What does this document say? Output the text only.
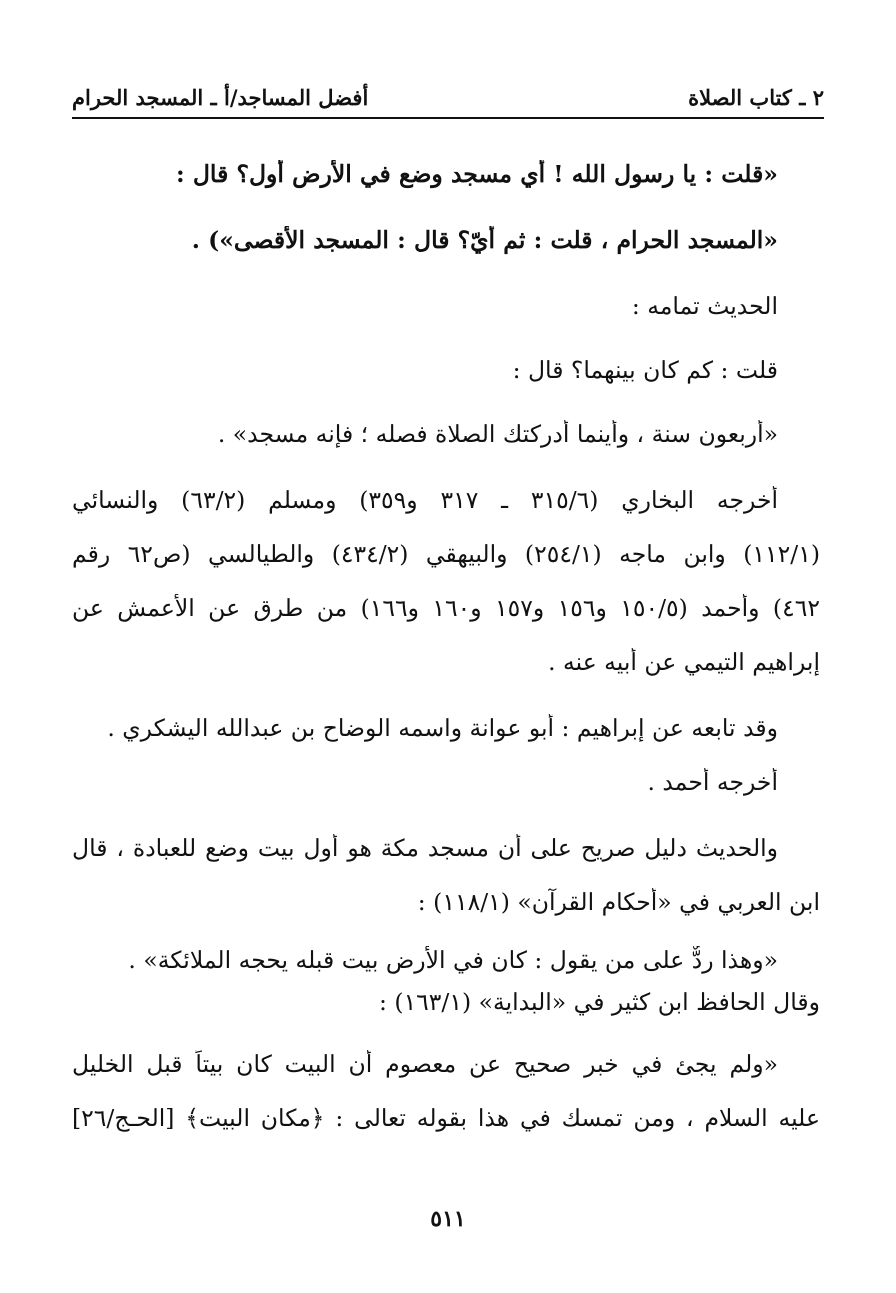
٢ ـ كتاب الصلاة
أفضل المساجد/أ ـ المسجد الحرام
«قلت : يا رسول الله ! أي مسجد وضع في الأرض أول؟ قال :
«المسجد الحرام ، قلت : ثم أيّ؟ قال : المسجد الأقصى») .
الحديث تمامه :
قلت : كم كان بينهما؟ قال :
«أربعون سنة ، وأينما أدركتك الصلاة فصله ؛ فإنه مسجد» .
أخرجه البخاري (٣١٥/٦ ـ ٣١٧ و٣٥٩) ومسلم (٦٣/٢) والنسائي
(١١٢/١) وابن ماجه (٢٥٤/١) والبيهقي (٤٣٤/٢) والطيالسي (ص٦٢ رقم
٤٦٢) وأحمد (١٥٠/٥ و١٥٦ و١٥٧ و١٦٠ و١٦٦) من طرق عن الأعمش عن
إبراهيم التيمي عن أبيه عنه .
وقد تابعه عن إبراهيم : أبو عوانة واسمه الوضاح بن عبدالله اليشكري .
أخرجه أحمد .
والحديث دليل صريح على أن مسجد مكة هو أول بيت وضع للعبادة ، قال
ابن العربي في «أحكام القرآن» (١١٨/١) :
«وهذا ردٌّ على من يقول : كان في الأرض بيت قبله يحجه الملائكة» .
وقال الحافظ ابن كثير في «البداية» (١٦٣/١) :
«ولم يجئ في خبر صحيح عن معصوم أن البيت كان بيتاً قبل الخليل
عليه السلام ، ومن تمسك في هذا بقوله تعالى : ﴿مكان البيت﴾ [الحـج/٢٦]
٥١١
